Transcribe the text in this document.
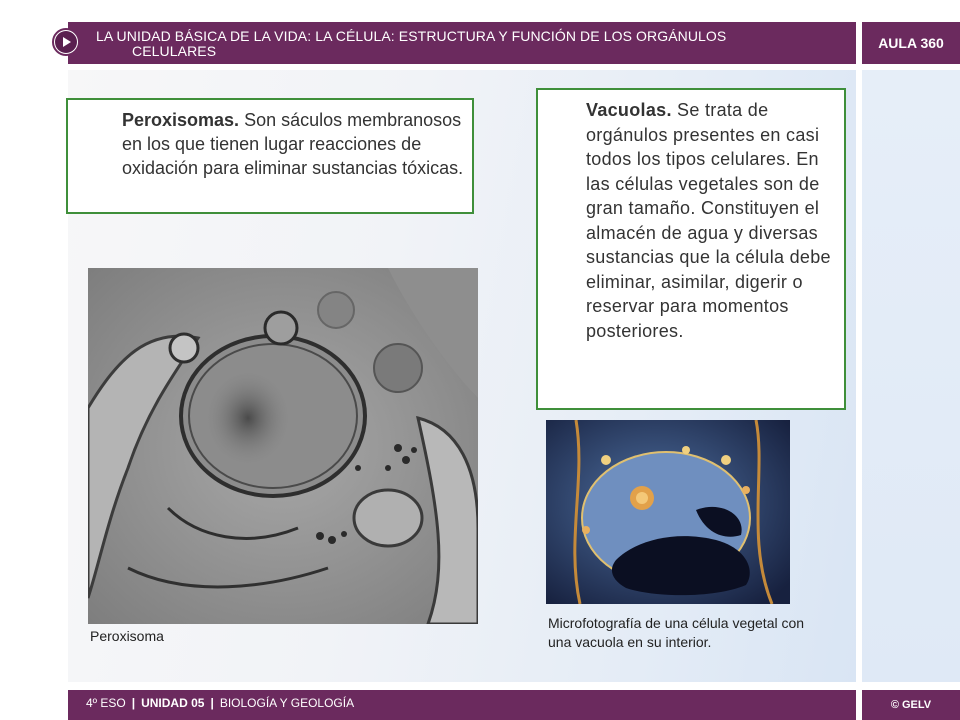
LA UNIDAD BÁSICA DE LA VIDA: LA CÉLULA: ESTRUCTURA Y FUNCIÓN DE LOS ORGÁNULOS
CELULARES	AULA 360
Peroxisomas. Son sáculos membranosos en los que tienen lugar reacciones de oxidación para eliminar sustancias tóxicas.
Vacuolas. Se trata de orgánulos presentes en casi todos los tipos celulares. En las células vegetales son de gran tamaño. Constituyen el almacén de agua y diversas sustancias que la célula debe eliminar, asimilar, digerir o reservar para momentos posteriores.
Peroxisoma
Microfotografía de una célula vegetal con una vacuola en su interior.
4º ESO | UNIDAD 05 | BIOLOGÍA Y GEOLOGÍA	© GELV
